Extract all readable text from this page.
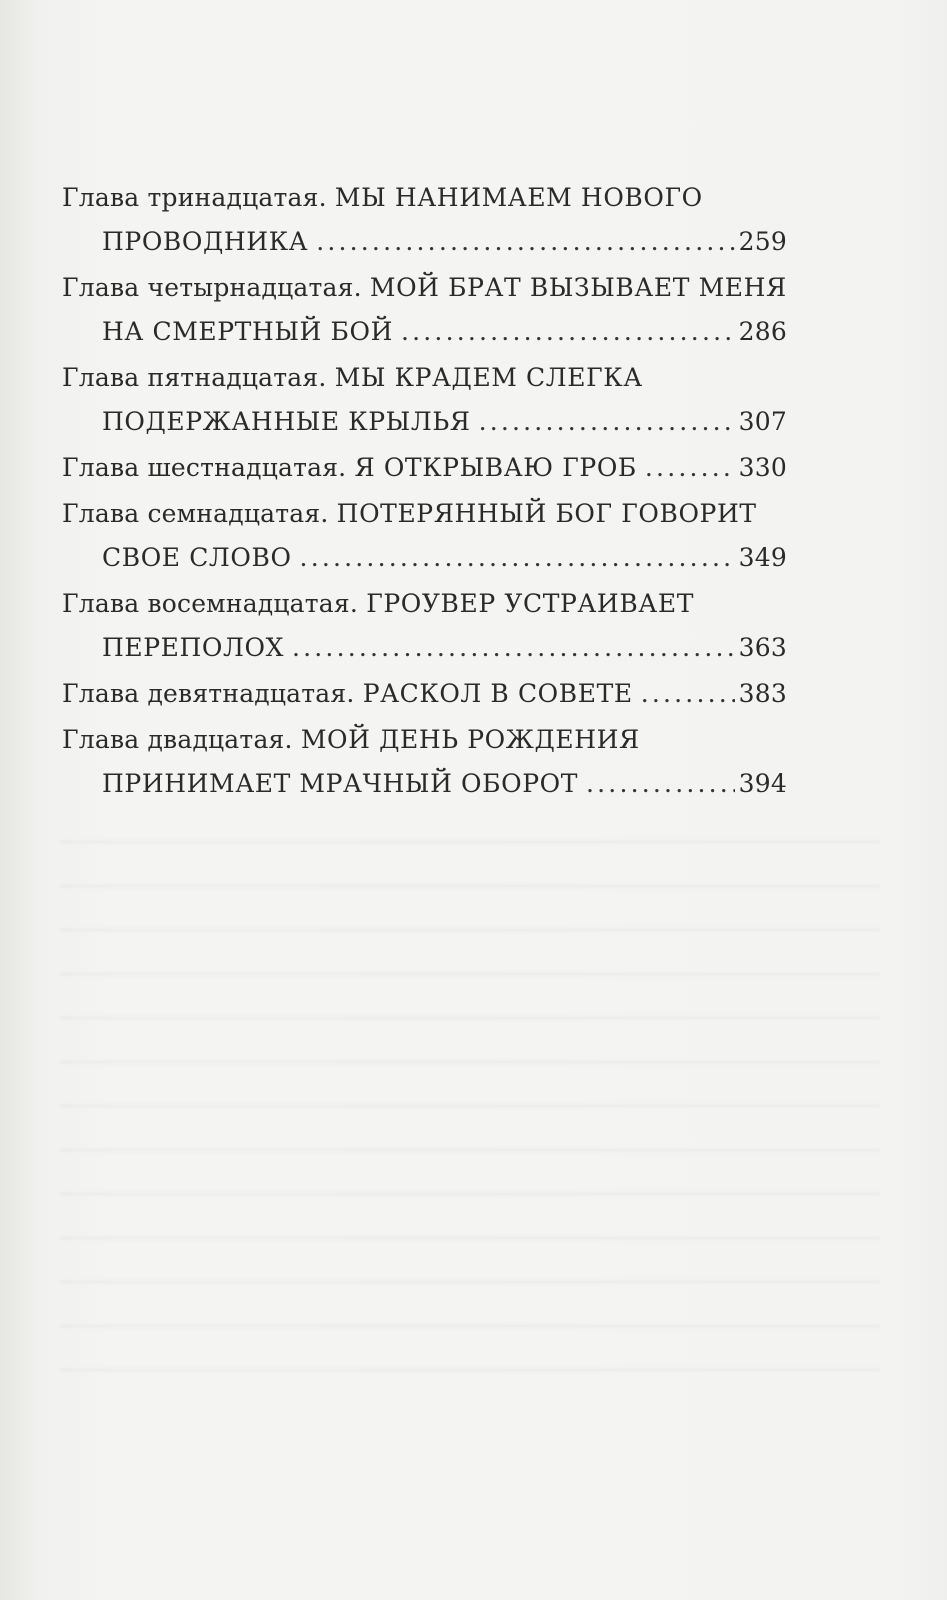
Глава тринадцатая. МЫ НАНИМАЕМ НОВОГО
ПРОВОДНИКА .....	259
Глава четырнадцатая. МОЙ БРАТ ВЫЗЫВАЕТ МЕНЯ
НА СМЕРТНЫЙ БОЙ .....	286
Глава пятнадцатая. МЫ КРАДЕМ СЛЕГКА
ПОДЕРЖАННЫЕ КРЫЛЬЯ .....	307
Глава шестнадцатая.
Я ОТКРЫВАЮ ГРОБ .....	330
Глава семнадцатая. ПОТЕРЯННЫЙ БОГ ГОВОРИТ
СВОЕ СЛОВО .....	349
Глава восемнадцатая. ГРОУВЕР УСТРАИВАЕТ
ПЕРЕПОЛОХ .....	363
Глава девятнадцатая.
РАСКОЛ В СОВЕТЕ .....	383
Глава двадцатая. МОЙ ДЕНЬ РОЖДЕНИЯ
ПРИНИМАЕТ МРАЧНЫЙ ОБОРОТ .....	394
